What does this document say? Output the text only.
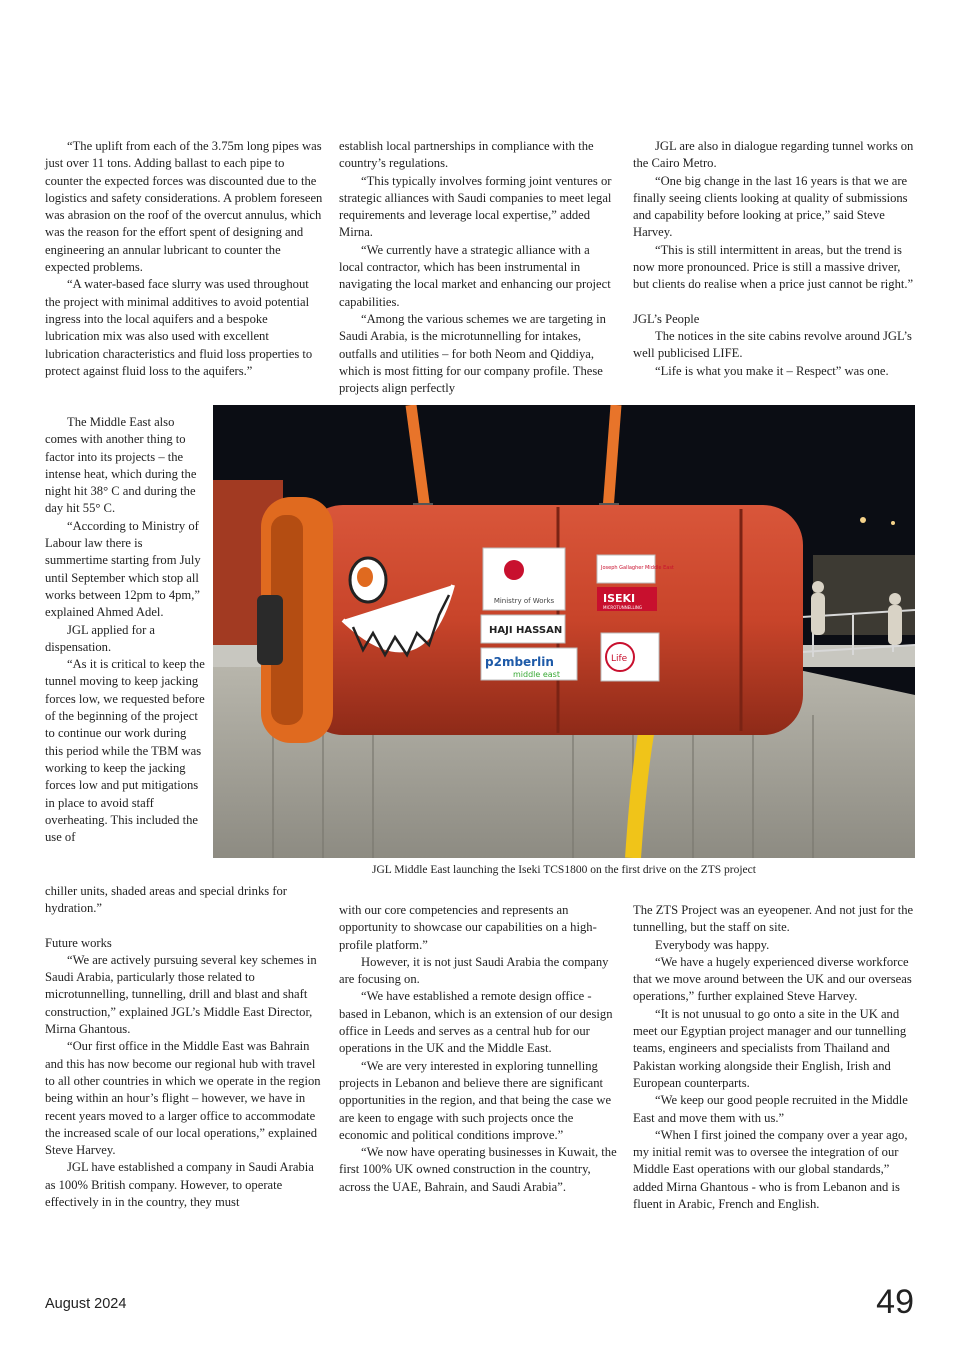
“The uplift from each of the 3.75m long pipes was just over 11 tons. Adding ballast to each pipe to counter the expected forces was discounted due to the logistics and safety considerations. A problem foreseen was abrasion on the roof of the overcut annulus, which was the reason for the effort spent of designing and engineering an annular lubricant to counter the expected problems.

“A water-based face slurry was used throughout the project with minimal additives to avoid potential ingress into the local aquifers and a bespoke lubrication mix was also used with excellent lubrication characteristics and fluid loss properties to protect against fluid loss to the aquifers.”

The Middle East also comes with another thing to factor into its projects – the intense heat, which during the night hit 38° C and during the day hit 55° C.

“According to Ministry of Labour law there is summertime starting from July until September which stop all works between 12pm to 4pm,” explained Ahmed Adel.

JGL applied for a dispensation.

“As it is critical to keep the tunnel moving to keep jacking forces low, we requested before of the beginning of the project to continue our work during this period while the TBM was working to keep the jacking forces low and put mitigations in place to avoid staff overheating. This included the use of

chiller units, shaded areas and special drinks for hydration.”

Future works

“We are actively pursuing several key schemes in Saudi Arabia, particularly those related to microtunnelling, tunnelling, drill and blast and shaft construction,” explained JGL’s Middle East Director, Mirna Ghantous.

“Our first office in the Middle East was Bahrain and this has now become our regional hub with travel to all other countries in which we operate in the region being within an hour’s flight – however, we have in recent years moved to a larger office to accommodate the increased scale of our local operations,” explained Steve Harvey.

JGL have established a company in Saudi Arabia as 100% British company. However, to operate effectively in in the country, they must

establish local partnerships in compliance with the country’s regulations.

“This typically involves forming joint ventures or strategic alliances with Saudi companies to meet legal requirements and leverage local expertise,” added Mirna.

“We currently have a strategic alliance with a local contractor, which has been instrumental in navigating the local market and enhancing our project capabilities.

“Among the various schemes we are targeting in Saudi Arabia, is the microtunnelling for intakes, outfalls and utilities – for both Neom and Qiddiya, which is most fitting for our company profile. These projects align perfectly

with our core competencies and represents an opportunity to showcase our capabilities on a high-profile platform.”

However, it is not just Saudi Arabia the company are focusing on.

“We have established a remote design office - based in Lebanon, which is an extension of our design office in Leeds and serves as a central hub for our operations in the UK and the Middle East.

“We are very interested in exploring tunnelling projects in Lebanon and believe there are significant opportunities in the region, and that being the case we are keen to engage with such projects once the economic and political conditions improve.”

“We now have operating businesses in Kuwait, the first 100% UK owned construction in the country, across the UAE, Bahrain, and Saudi Arabia”.

JGL are also in dialogue regarding tunnel works on the Cairo Metro.

“One big change in the last 16 years is that we are finally seeing clients looking at quality of submissions and capability before looking at price,” said Steve Harvey.

“This is still intermittent in areas, but the trend is now more pronounced. Price is still a massive driver, but clients do realise when a price just cannot be right.”

JGL’s People

The notices in the site cabins revolve around JGL’s well publicised LIFE.

“Life is what you make it – Respect” was one.

The ZTS Project was an eyeopener. And not just for the tunnelling, but the staff on site.

Everybody was happy.

“We have a hugely experienced diverse workforce that we move around between the UK and our overseas operations,” further explained Steve Harvey.

“It is not unusual to go onto a site in the UK and meet our Egyptian project manager and our tunnelling teams, engineers and specialists from Thailand and Pakistan working alongside their English, Irish and European counterparts.

“We keep our good people recruited in the Middle East and move them with us.”

“When I first joined the company over a year ago, my initial remit was to oversee the integration of our Middle East operations with our global standards,” added Mirna Ghantous - who is from Lebanon and is fluent in Arabic, French and English.

Ministry of Works
HAJI HASSAN
p2mberlin
middle east
Joseph Gallagher Middle East
ISEKI
MICROTUNNELLING
Life
JGL Middle East launching the Iseki TCS1800 on the first drive on the ZTS project
August 2024	49
